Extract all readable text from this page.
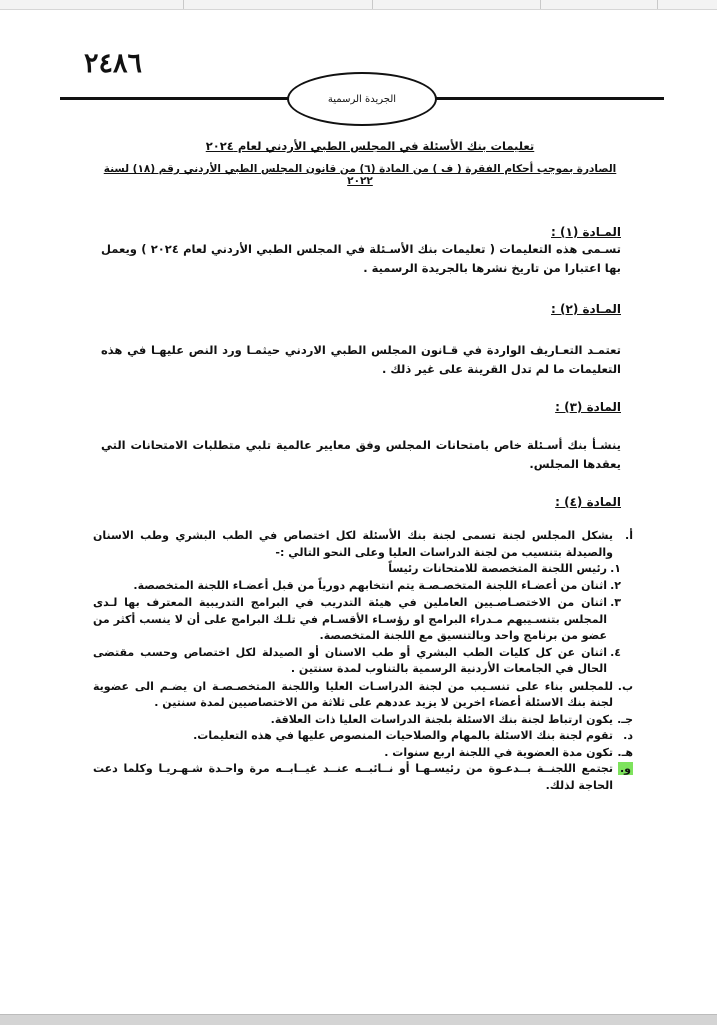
٢٤٨٦
الجريدة الرسمية
تعليمات بنك الأسئلة في المجلس الطبي الأردني لعام ٢٠٢٤
الصادرة بموجب أحكام الفقرة ( ف ) من المادة (٦) من قانون المجلس الطبي الأردني رقم (١٨) لسنة ٢٠٢٢
المـادة (١) :
تسـمى هذه التعليمات ( تعليمات بنك الأسـئلة في المجلس الطبي الأردني لعام ٢٠٢٤ ) ويعمل بها اعتبارا من تاريخ نشرها بالجريدة الرسمية .
المـادة (٢) :
تعتمـد التعـاريف الواردة في قـانون المجلس الطبي الاردني حيثمـا ورد النص عليهـا في هذه التعليمات ما لم تدل القرينة على غير ذلك .
المادة (٣) :
ينشـأ بنك أسـئلة خاص بامتحانات المجلس وفق معايير عالمية تلبي متطلبات الامتحانات التي يعقدها المجلس.
المادة (٤) :
أ.
يشكل المجلس لجنة تسمى لجنة بنك الأسئلة لكل اختصاص في الطب البشري وطب الاسنان والصيدلة بتنسيب من لجنة الدراسات العليا وعلى النحو التالي :-
١.
رئيس اللجنة المتخصصة للامتحانات رئيساً
٢.
اثنان من أعضـاء اللجنة المتخصـصـة يتم انتخابهم دورياً من قبل أعضـاء اللجنة المتخصصة.
٣.
اثنان من الاختصـاصـيين العاملين في هيئة التدريب في البرامج التدريبية المعترف بها لـدى المجلس بتنسـيبهم مـدراء البرامج او رؤسـاء الأقسـام في تلـك البرامج على أن لا ينسب أكثر من عضو من برنامج واحد وبالتنسيق مع اللجنة المتخصصة.
٤.
اثنان عن كل كليات الطب البشري أو طب الاسنان أو الصيدلة لكل اختصاص وحسب مقتضى الحال في الجامعات الأردنية الرسمية بالتناوب لمدة سنتين .
ب.
للمجلس بناء على تنسـيب من لجنة الدراسـات العليا واللجنة المتخصـصـة ان يضـم الى عضوية لجنة بنك الاسئلة أعضاء اخرين لا يزيد عددهم على ثلاثة من الاختصاصيين لمدة سنتين .
جـ.
يكون ارتباط لجنة بنك الاسئلة بلجنة الدراسات العليا ذات العلاقة.
د.
تقوم لجنة بنك الاسئلة بالمهام والصلاحيات المنصوص عليها في هذه التعليمات.
هـ.
تكون مدة العضوية في اللجنة اربع سنوات .
و.
تجتمع اللجنــة بــدعـوة من رئيسـهـا أو نــائبــه عنــد غيــابــه مرة واحـدة شـهـريـا وكلما دعت الحاجة لذلك.
